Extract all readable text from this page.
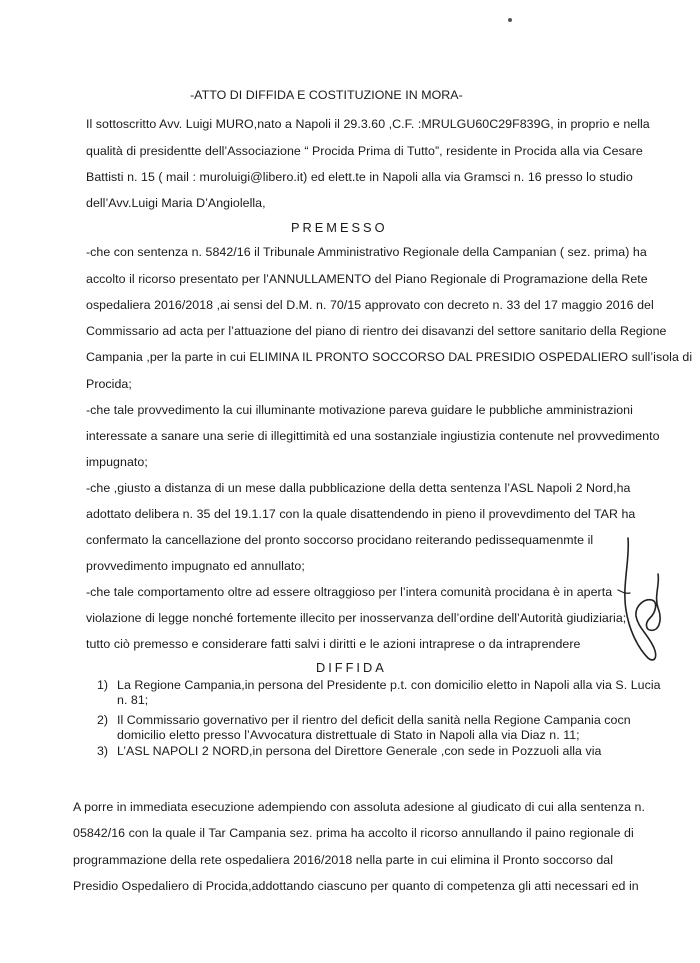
-ATTO DI DIFFIDA E COSTITUZIONE IN MORA-
Il sottoscritto Avv. Luigi MURO,nato a Napoli il 29.3.60 ,C.F. :MRULGU60C29F839G, in proprio e nella
qualità di presidentte dell’Associazione “ Procida Prima di Tutto”, residente in Procida alla via Cesare
Battisti n. 15 ( mail : muroluigi@libero.it) ed elett.te in Napoli alla via Gramsci n. 16 presso lo studio
dell’Avv.Luigi Maria D’Angiolella,
PREMESSO
-che con sentenza n. 5842/16 il Tribunale Amministrativo Regionale della Campanian ( sez. prima) ha
accolto il ricorso presentato per l’ANNULLAMENTO del Piano Regionale di Programazione della Rete
ospedaliera 2016/2018 ,ai sensi del D.M. n. 70/15 approvato con decreto n. 33 del 17 maggio 2016 del
Commissario ad acta per l’attuazione del piano di rientro dei disavanzi del settore sanitario della Regione
Campania ,per la parte in cui ELIMINA IL PRONTO SOCCORSO DAL PRESIDIO OSPEDALIERO sull’isola di
Procida;
-che tale provvedimento la cui illuminante motivazione pareva guidare le pubbliche amministrazioni
interessate a sanare una serie di illegittimità ed una sostanziale ingiustizia contenute nel provvedimento
impugnato;
-che ,giusto a distanza di un mese dalla pubblicazione della detta sentenza l’ASL Napoli 2 Nord,ha
adottato delibera n. 35 del 19.1.17 con la quale disattendendo in pieno il provevdimento del TAR ha
confermato la cancellazione del pronto soccorso procidano reiterando pedissequamenmte il
provvedimento impugnato ed annullato;
-che tale comportamento oltre ad essere oltraggioso per l’intera comunità procidana è in aperta
violazione di legge nonché fortemente illecito per inosservanza dell’ordine dell’Autorità giudiziaria;
tutto ciò premesso e considerare fatti salvi i diritti e le azioni intraprese o da intraprendere
DIFFIDA
1) La Regione Campania,in persona del Presidente p.t. con domicilio eletto in Napoli alla via S. Lucia
n. 81;
2) Il Commissario governativo per il rientro del deficit della sanità nella Regione Campania cocn
domicilio eletto presso l’Avvocatura distrettuale di Stato in Napoli alla via Diaz n. 11;
3) L’ASL NAPOLI 2 NORD,in persona del Direttore Generale ,con sede in Pozzuoli alla via
A porre in immediata esecuzione adempiendo con assoluta adesione al giudicato di cui alla sentenza n.
05842/16 con la quale il Tar Campania sez. prima ha accolto il ricorso annullando il paino regionale di
programmazione della rete ospedaliera 2016/2018 nella parte in cui elimina il Pronto soccorso dal
Presidio Ospedaliero di Procida,addottando ciascuno per quanto di competenza gli atti necessari ed in
